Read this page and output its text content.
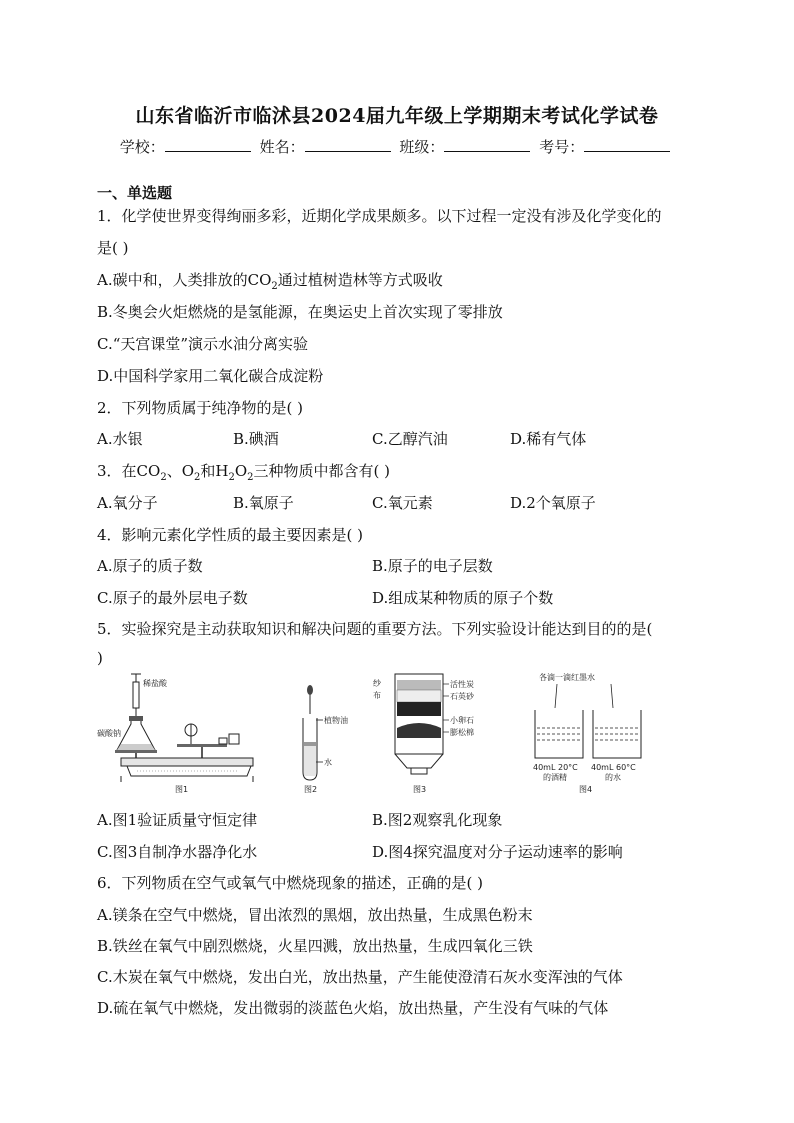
山东省临沂市临沭县2024届九年级上学期期末考试化学试卷
学校：	姓名：	班级：	考号：
一、单选题
1．化学使世界变得绚丽多彩，近期化学成果颇多。以下过程一定没有涉及化学变化的
是( )
A.碳中和，人类排放的$CO_2$通过植树造林等方式吸收
B.冬奥会火炬燃烧的是氢能源，在奥运史上首次实现了零排放
C.“天宫课堂”演示水油分离实验
D.中国科学家用二氧化碳合成淀粉
2．下列物质属于纯净物的是( )
A.水银	B.碘酒	C.乙醇汽油	D.稀有气体
3．在$CO_2$、$O_2$和$H_2O_2$三种物质中都含有( )
A.氧分子	B.氧原子	C.氧元素	D.2个氧原子
4．影响元素化学性质的最主要因素是( )
A.原子的质子数	B.原子的电子层数
C.原子的最外层电子数	D.组成某种物质的原子个数
5．实验探究是主动获取知识和解决问题的重要方法。下列实验设计能达到目的的是(
)
稀盐酸
碳酸钠
图1
植物油
水
图2
纱
布
活性炭
石英砂
小卵石
膨松棉
图3
各滴一滴红墨水
40mL 20°C
的酒精
40mL 60°C
的水
图4
A.图1验证质量守恒定律	B.图2观察乳化现象
C.图3自制净水器净化水	D.图4探究温度对分子运动速率的影响
6．下列物质在空气或氧气中燃烧现象的描述，正确的是( )
A.镁条在空气中燃烧，冒出浓烈的黑烟，放出热量，生成黑色粉末
B.铁丝在氧气中剧烈燃烧，火星四溅，放出热量，生成四氧化三铁
C.木炭在氧气中燃烧，发出白光，放出热量，产生能使澄清石灰水变浑浊的气体
D.硫在氧气中燃烧，发出微弱的淡蓝色火焰，放出热量，产生没有气味的气体
